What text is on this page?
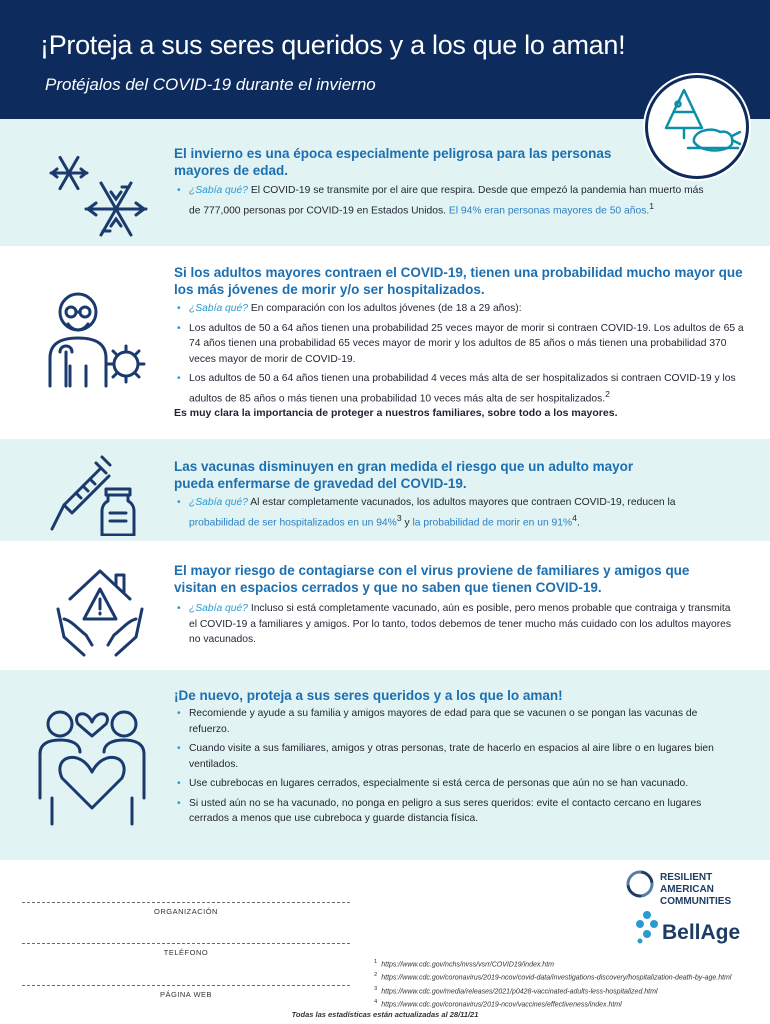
¡Proteja a sus seres queridos y a los que lo aman!
Protéjalos del COVID-19 durante el invierno
El invierno es una época especialmente peligrosa para las personas mayores de edad.
• ¿Sabía qué? El COVID-19 se transmite por el aire que respira. Desde que empezó la pandemia han muerto más de 777,000 personas por COVID-19 en Estados Unidos. El 94% eran personas mayores de 50 años.$^1$
Si los adultos mayores contraen el COVID-19, tienen una probabilidad mucho mayor que los más jóvenes de morir y/o ser hospitalizados.
• ¿Sabía qué? En comparación con los adultos jóvenes (de 18 a 29 años):
• Los adultos de 50 a 64 años tienen una probabilidad 25 veces mayor de morir si contraen COVID-19. Los adultos de 65 a 74 años tienen una probabilidad 65 veces mayor de morir y los adultos de 85 años o más tienen una probabilidad 370 veces mayor de morir de COVID-19.
• Los adultos de 50 a 64 años tienen una probabilidad 4 veces más alta de ser hospitalizados si contraen COVID-19 y los adultos de 85 años o más tienen una probabilidad 10 veces más alta de ser hospitalizados.$^2$
Es muy clara la importancia de proteger a nuestros familiares, sobre todo a los mayores.
Las vacunas disminuyen en gran medida el riesgo que un adulto mayor pueda enfermarse de gravedad del COVID-19.
• ¿Sabía qué? Al estar completamente vacunados, los adultos mayores que contraen COVID-19, reducen la probabilidad de ser hospitalizados en un 94%$^3$ y la probabilidad de morir en un 91%$^4$.
El mayor riesgo de contagiarse con el virus proviene de familiares y amigos que visitan en espacios cerrados y que no saben que tienen COVID-19.
• ¿Sabía qué? Incluso si está completamente vacunado, aún es posible, pero menos probable que contraiga y transmita el COVID-19 a familiares y amigos. Por lo tanto, todos debemos de tener mucho más cuidado con los adultos mayores no vacunados.
¡De nuevo, proteja a sus seres queridos y a los que lo aman!
• Recomiende y ayude a su familia y amigos mayores de edad para que se vacunen o se pongan las vacunas de refuerzo.
• Cuando visite a sus familiares, amigos y otras personas, trate de hacerlo en espacios al aire libre o en lugares bien ventilados.
• Use cubrebocas en lugares cerrados, especialmente si está cerca de personas que aún no se han vacunado.
• Si usted aún no se ha vacunado, no ponga en peligro a sus seres queridos: evite el contacto cercano en lugares cerrados a menos que use cubreboca y guarde distancia física.
ORGANIZACIÓN
TELÉFONO
PÁGINA WEB
RESILIENT AMERICAN COMMUNITIES
BellAge
$^1$ https://www.cdc.gov/nchs/nvss/vsrr/COVID19/index.htm
$^2$ https://www.cdc.gov/coronavirus/2019-ncov/covid-data/investigations-discovery/hospitalization-death-by-age.html
$^3$ https://www.cdc.gov/media/releases/2021/p0428-vaccinated-adults-less-hospitalized.html
$^4$ https://www.cdc.gov/coronavirus/2019-ncov/vaccines/effectiveness/index.html
Todas las estadísticas están actualizadas al 28/11/21
